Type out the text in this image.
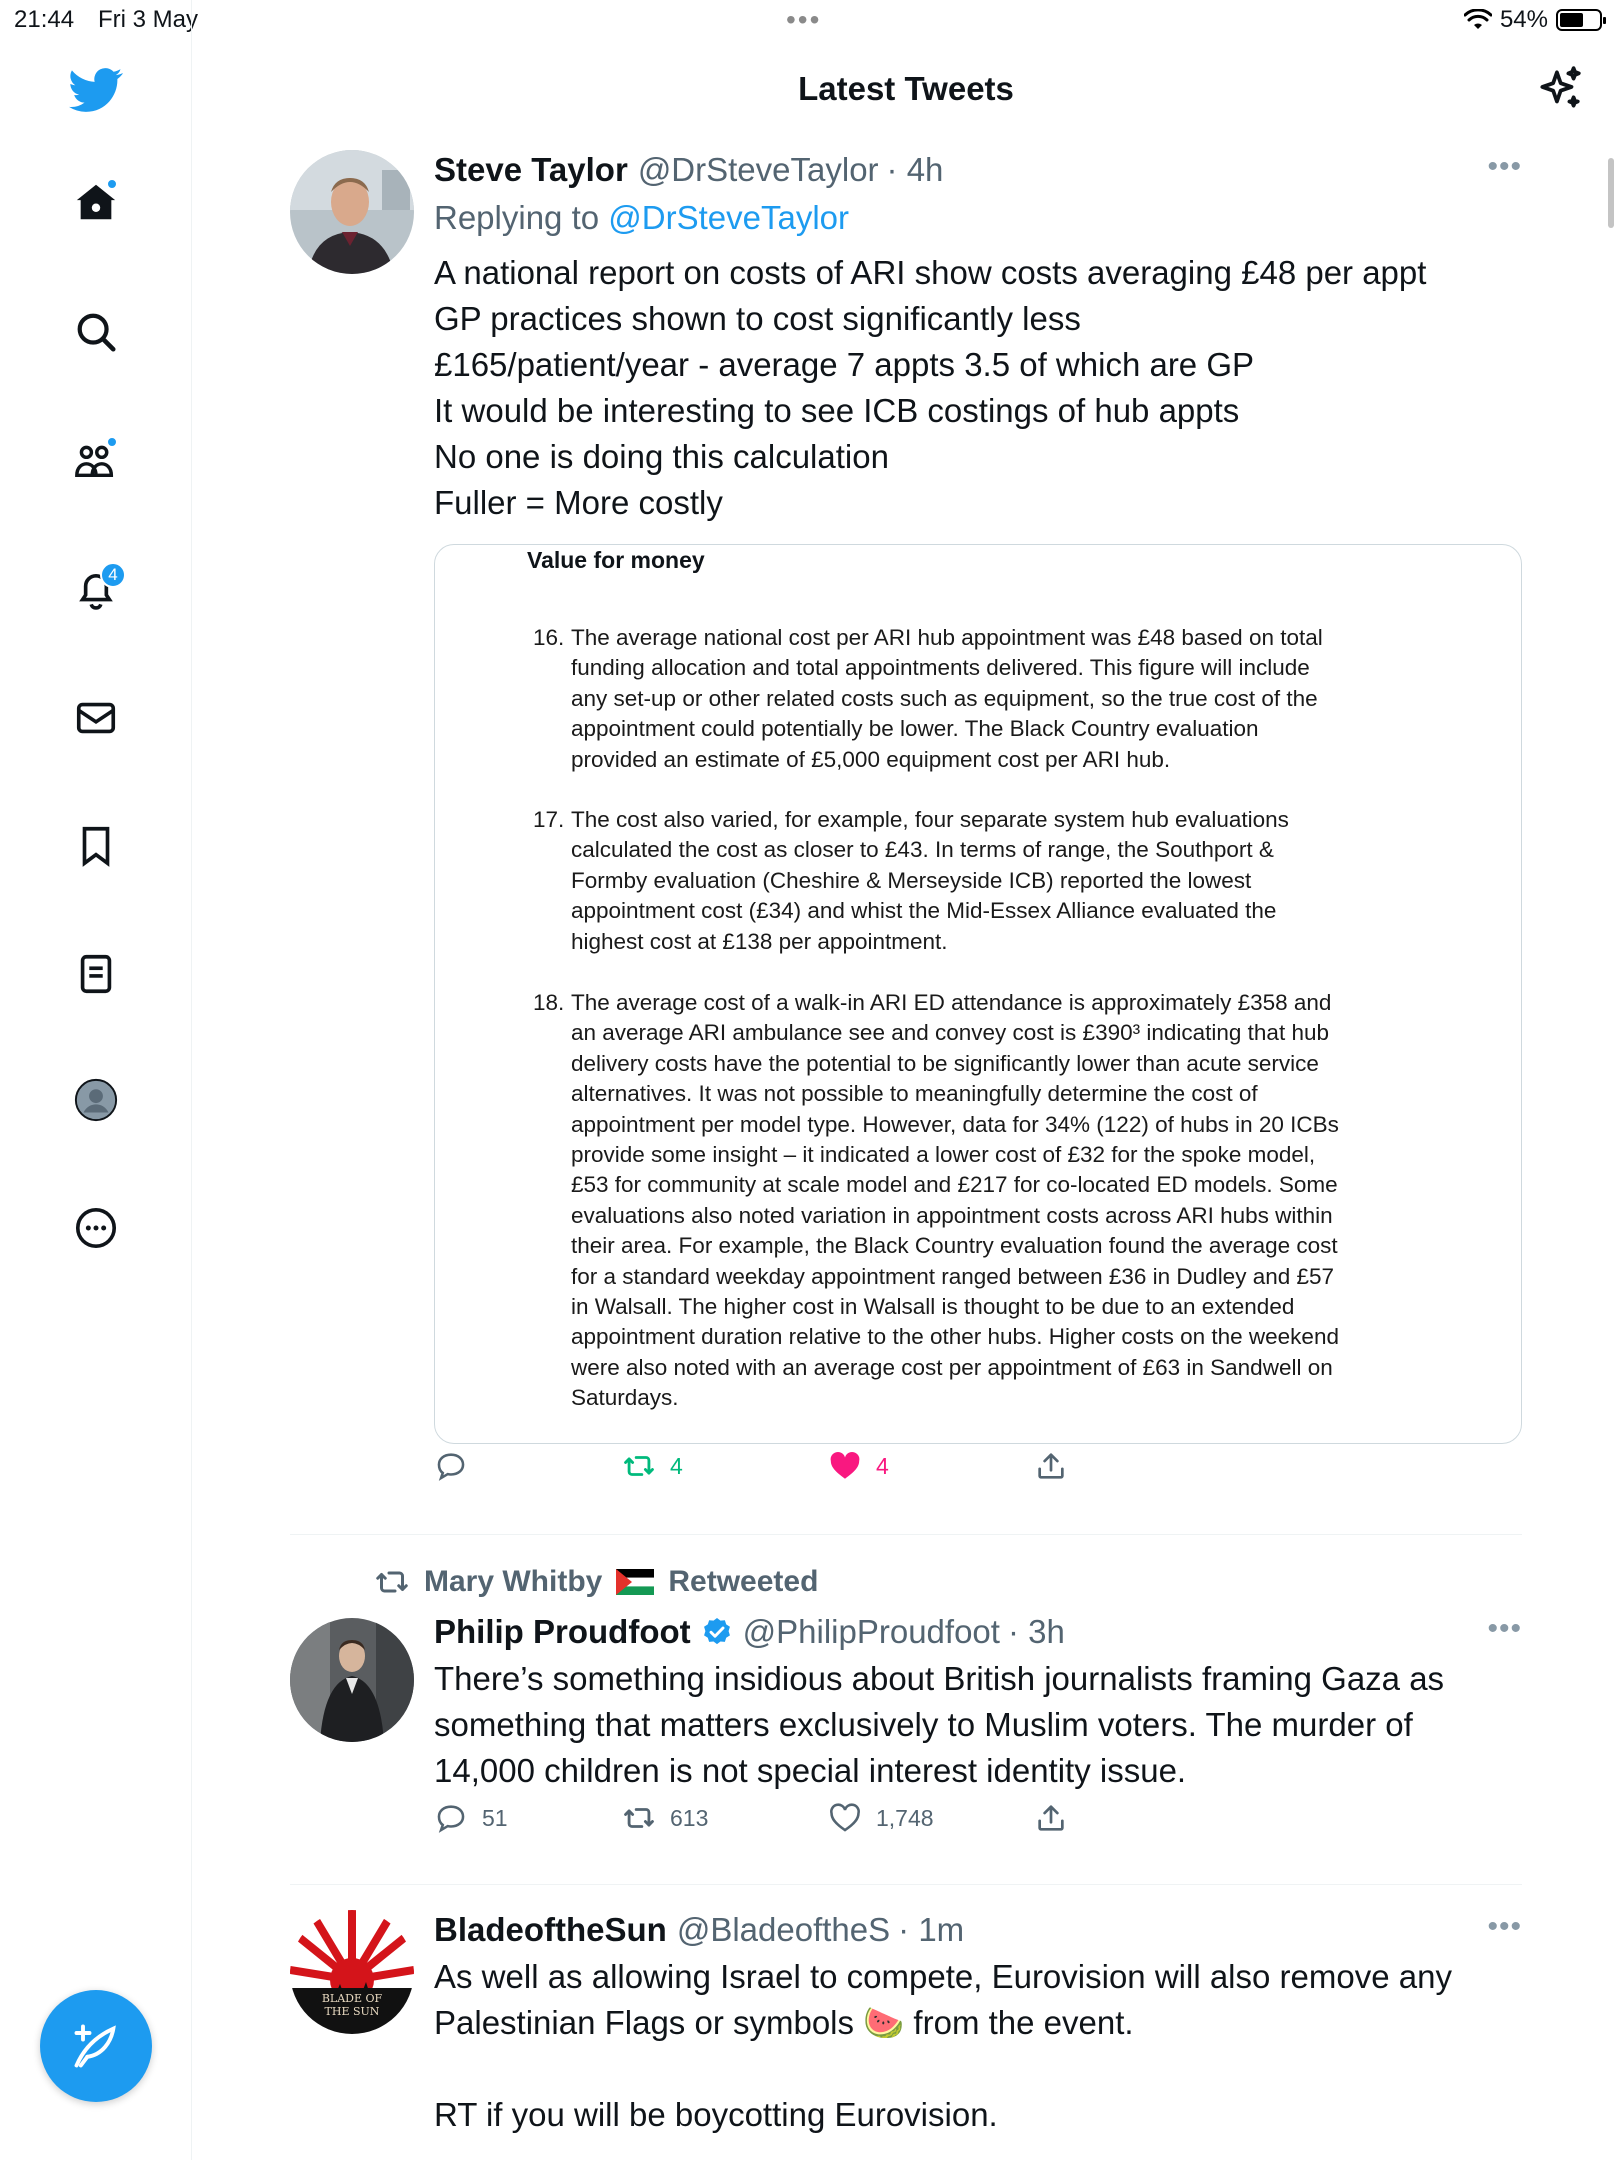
21:44 Fri 3 May	•••	54%
4
Latest Tweets
Steve Taylor @DrSteveTaylor · 4h	•••
Replying to @DrSteveTaylor
A national report on costs of ARI show costs averaging £48 per appt
GP practices shown to cost significantly less
£165/patient/year - average 7 appts 3.5 of which are GP
It would be interesting to see ICB costings of hub appts
No one is doing this calculation
Fuller = More costly
Value for money
16. The average national cost per ARI hub appointment was £48 based on total
funding allocation and total appointments delivered. This figure will include
any set-up or other related costs such as equipment, so the true cost of the
appointment could potentially be lower. The Black Country evaluation
provided an estimate of £5,000 equipment cost per ARI hub.
17. The cost also varied, for example, four separate system hub evaluations
calculated the cost as closer to £43. In terms of range, the Southport &
Formby evaluation (Cheshire & Merseyside ICB) reported the lowest
appointment cost (£34) and whist the Mid-Essex Alliance evaluated the
highest cost at £138 per appointment.
18. The average cost of a walk-in ARI ED attendance is approximately £358 and
an average ARI ambulance see and convey cost is £390³ indicating that hub
delivery costs have the potential to be significantly lower than acute service
alternatives. It was not possible to meaningfully determine the cost of
appointment per model type. However, data for 34% (122) of hubs in 20 ICBs
provide some insight – it indicated a lower cost of £32 for the spoke model,
£53 for community at scale model and £217 for co-located ED models. Some
evaluations also noted variation in appointment costs across ARI hubs within
their area. For example, the Black Country evaluation found the average cost
for a standard weekday appointment ranged between £36 in Dudley and £57
in Walsall. The higher cost in Walsall is thought to be due to an extended
appointment duration relative to the other hubs. Higher costs on the weekend
were also noted with an average cost per appointment of £63 in Sandwell on
Saturdays.
4	4
Mary Whitby Retweeted
Philip Proudfoot @PhilipProudfoot · 3h	•••
There’s something insidious about British journalists framing Gaza as
something that matters exclusively to Muslim voters. The murder of
14,000 children is not special interest identity issue.
51	613	1,748
BLADE OF THE SUN
BladeoftheSun @BladeoftheS · 1m	•••
As well as allowing Israel to compete, Eurovision will also remove any
Palestinian Flags or symbols 🍉 from the event.
RT if you will be boycotting Eurovision.
